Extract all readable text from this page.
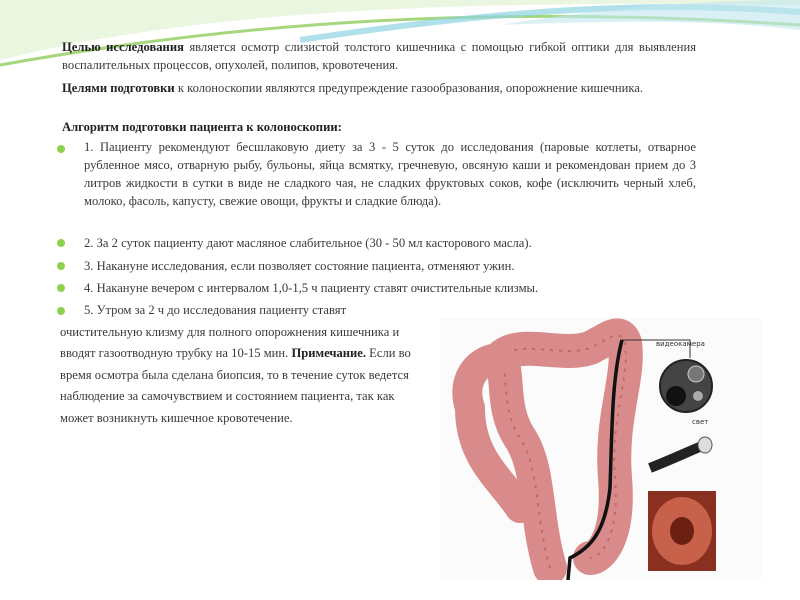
Целью исследования является осмотр слизистой толстого кишечника с помощью гибкой оптики для выявления воспалительных процессов, опухолей, полипов, кровотечения.
Целями подготовки к колоноскопии являются предупреждение газообразования, опорожнение кишечника.
Алгоритм подготовки пациента к колоноскопии:
1. Пациенту рекомендуют бесшлаковую диету за 3 - 5 суток до исследования (паровые котлеты, отварное рубленное мясо, отварную рыбу, бульоны, яйца всмятку, гречневую, овсяную каши и рекомендован прием до 3 литров жидкости в сутки в виде не сладкого чая, не сладких фруктовых соков, кофе (исключить черный хлеб, молоко, фасоль, капусту, свежие овощи, фрукты и сладкие блюда).
2. За 2 суток пациенту дают масляное слабительное (30 - 50 мл касторового масла).
3. Накануне исследования, если позволяет состояние пациента, отменяют ужин.
4. Накануне вечером с интервалом 1,0-1,5 ч пациенту ставят очистительные клизмы.
5. Утром за 2 ч до исследования пациенту ставят очистительную клизму для полного опорожнения кишечника и вводят газоотводную трубку на 10-15 мин. Примечание. Если во время осмотра была сделана биопсия, то в течение суток ведется наблюдение за самочувствием и состоянием пациента, так как может возникнуть кишечное кровотечение.
видеокамера
свет
